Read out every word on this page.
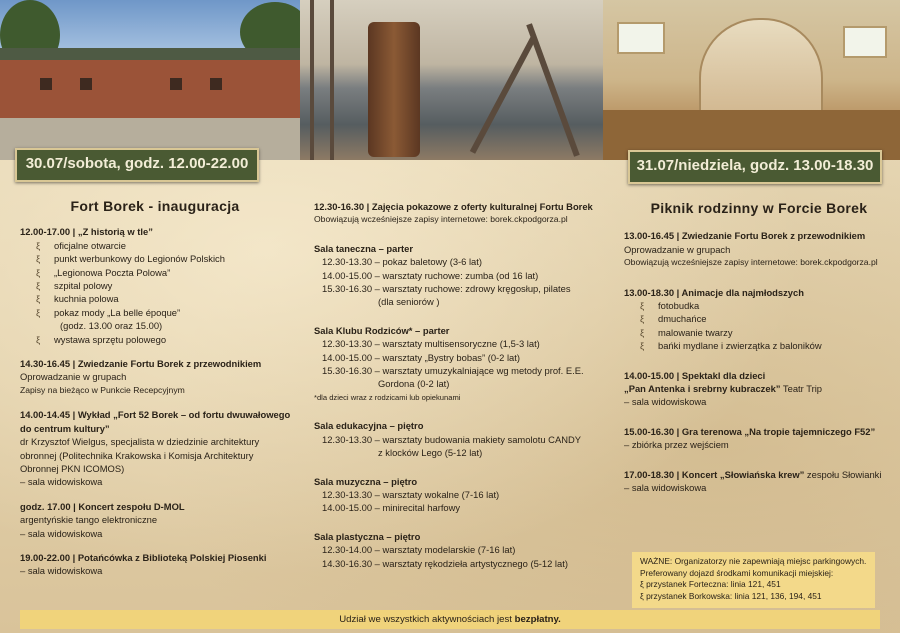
30.07/sobota, godz. 12.00-22.00	31.07/niedziela, godz. 13.00-18.30
Fort Borek - inauguracja
12.00-17.00 | „Z historią w tle”
ξ oficjalne otwarcie
ξ punkt werbunkowy do Legionów Polskich
ξ „Legionowa Poczta Polowa”
ξ szpital polowy
ξ kuchnia polowa
ξ pokaz mody „La belle époque”
(godz. 13.00 oraz 15.00)
ξ wystawa sprzętu polowego
14.30-16.45 | Zwiedzanie Fortu Borek z przewodnikiem
Oprowadzanie w grupach
Zapisy na bieżąco w Punkcie Recepcyjnym
14.00-14.45 | Wykład „Fort 52 Borek – od fortu dwuwałowego
do centrum kultury”
dr Krzysztof Wielgus, specjalista w dziedzinie architektury
obronnej (Politechnika Krakowska i Komisja Architektury
Obronnej PKN ICOMOS)
– sala widowiskowa
godz. 17.00 | Koncert zespołu D-MOL
argentyńskie tango elektroniczne
– sala widowiskowa
19.00-22.00 | Potańcówka z Biblioteką Polskiej Piosenki
– sala widowiskowa
12.30-16.30 | Zajęcia pokazowe z oferty kulturalnej Fortu Borek
Obowiązują wcześniejsze zapisy internetowe: borek.ckpodgorza.pl
Sala taneczna – parter
12.30-13.30 – pokaz baletowy (3-6 lat)
14.00-15.00 – warsztaty ruchowe: zumba (od 16 lat)
15.30-16.30 – warsztaty ruchowe: zdrowy kręgosłup, pilates
(dla seniorów )
Sala Klubu Rodziców* – parter
12.30-13.30 – warsztaty multisensoryczne (1,5-3 lat)
14.00-15.00 – warsztaty „Bystry bobas” (0-2 lat)
15.30-16.30 – warsztaty umuzykalniające wg metody prof. E.E.
Gordona (0-2 lat)
*dla dzieci wraz z rodzicami lub opiekunami
Sala edukacyjna – piętro
12.30-13.30 – warsztaty budowania makiety samolotu CANDY
z klocków Lego (5-12 lat)
Sala muzyczna – piętro
12.30-13.30 – warsztaty wokalne (7-16 lat)
14.00-15.00 – minirecital harfowy
Sala plastyczna – piętro
12.30-14.00 – warsztaty modelarskie (7-16 lat)
14.30-16.30 – warsztaty rękodzieła artystycznego (5-12 lat)
Piknik rodzinny w Forcie Borek
13.00-16.45 | Zwiedzanie Fortu Borek z przewodnikiem
Oprowadzanie w grupach
Obowiązują wcześniejsze zapisy internetowe: borek.ckpodgorza.pl
13.00-18.30 | Animacje dla najmłodszych
ξ fotobudka
ξ dmuchańce
ξ malowanie twarzy
ξ bańki mydlane i zwierzątka z baloników
14.00-15.00 | Spektakl dla dzieci
„Pan Antenka i srebrny kubraczek” Teatr Trip
– sala widowiskowa
15.00-16.30 | Gra terenowa „Na tropie tajemniczego F52”
– zbiórka przez wejściem
17.00-18.30 | Koncert „Słowiańska krew” zespołu Słowianki
– sala widowiskowa
WAŻNE: Organizatorzy nie zapewniają miejsc parkingowych.
Preferowany dojazd środkami komunikacji miejskiej:
ξ przystanek Forteczna: linia 121, 451
ξ przystanek Borkowska: linia 121, 136, 194, 451
Udział we wszystkich aktywnościach jest bezpłatny.
